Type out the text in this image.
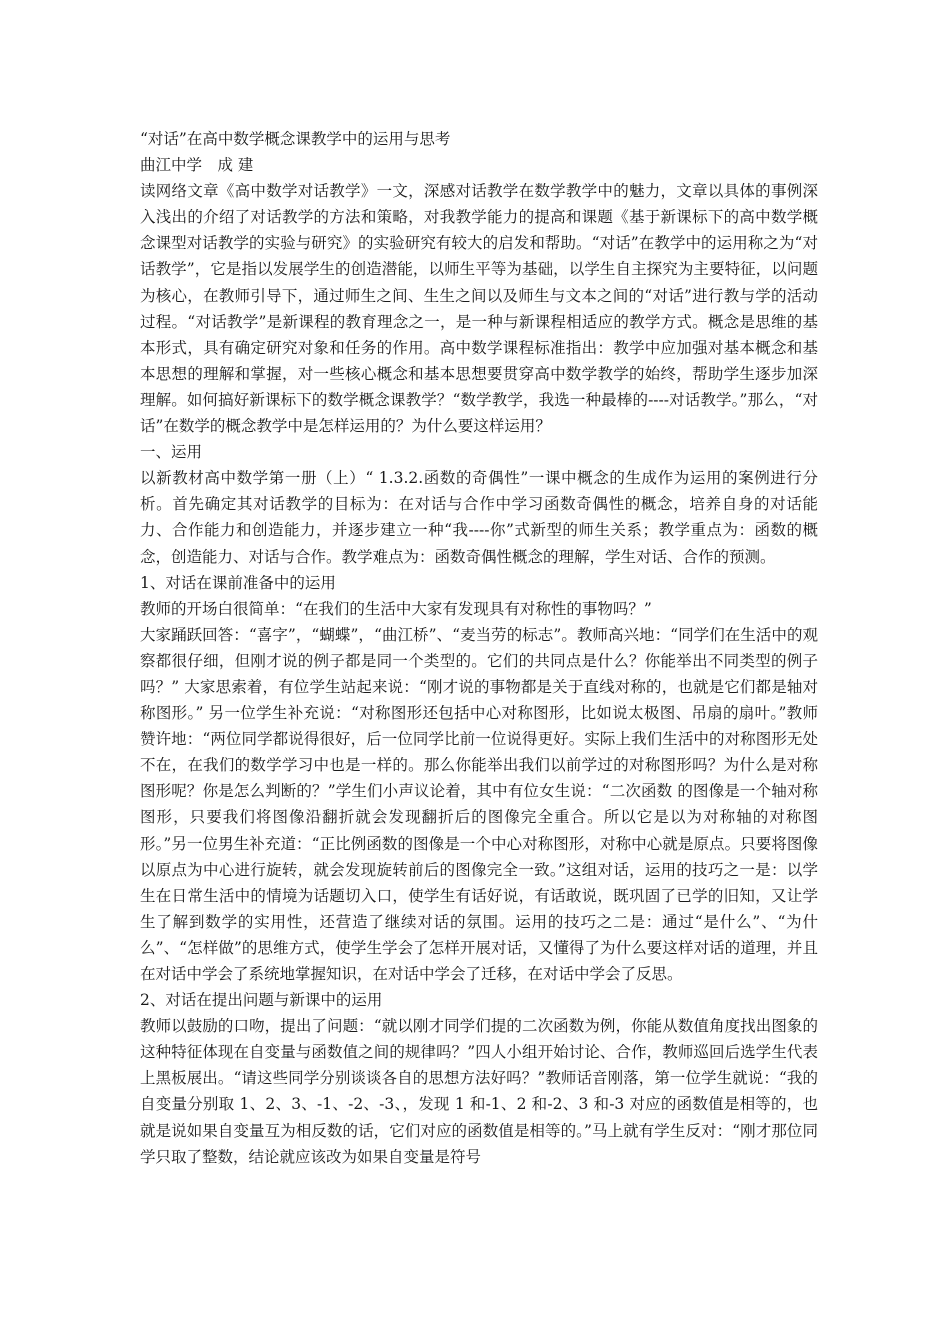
“对话”在高中数学概念课教学中的运用与思考

曲江中学　成 建

读网络文章《高中数学对话教学》一文，深感对话教学在数学教学中的魅力，文章以具体的事例深入浅出的介绍了对话教学的方法和策略，对我教学能力的提高和课题《基于新课标下的高中数学概念课型对话教学的实验与研究》的实验研究有较大的启发和帮助。“对话”在教学中的运用称之为“对话教学”，它是指以发展学生的创造潜能，以师生平等为基础，以学生自主探究为主要特征，以问题为核心，在教师引导下，通过师生之间、生生之间以及师生与文本之间的“对话”进行教与学的活动过程。“对话教学”是新课程的教育理念之一，是一种与新课程相适应的教学方式。概念是思维的基本形式，具有确定研究对象和任务的作用。高中数学课程标准指出：教学中应加强对基本概念和基本思想的理解和掌握，对一些核心概念和基本思想要贯穿高中数学教学的始终，帮助学生逐步加深理解。如何搞好新课标下的数学概念课教学？“数学教学，我选一种最棒的----对话教学。”那么，“对话”在数学的概念教学中是怎样运用的？为什么要这样运用？

一、运用

以新教材高中数学第一册（上）“ 1.3.2.函数的奇偶性”一课中概念的生成作为运用的案例进行分析。首先确定其对话教学的目标为：在对话与合作中学习函数奇偶性的概念，培养自身的对话能力、合作能力和创造能力，并逐步建立一种“我----你”式新型的师生关系；教学重点为：函数的概念，创造能力、对话与合作。教学难点为：函数奇偶性概念的理解，学生对话、合作的预测。

1、对话在课前准备中的运用

教师的开场白很简单：“在我们的生活中大家有发现具有对称性的事物吗？”

大家踊跃回答：“喜字”，“蝴蝶”，“曲江桥”、“麦当劳的标志”。教师高兴地：“同学们在生活中的观察都很仔细，但刚才说的例子都是同一个类型的。它们的共同点是什么？你能举出不同类型的例子吗？” 大家思索着，有位学生站起来说：“刚才说的事物都是关于直线对称的，也就是它们都是轴对称图形。” 另一位学生补充说：“对称图形还包括中心对称图形，比如说太极图、吊扇的扇叶。”教师赞许地：“两位同学都说得很好，后一位同学比前一位说得更好。实际上我们生活中的对称图形无处不在，在我们的数学学习中也是一样的。那么你能举出我们以前学过的对称图形吗？为什么是对称图形呢？你是怎么判断的？”学生们小声议论着，其中有位女生说：“二次函数 的图像是一个轴对称图形，只要我们将图像沿翻折就会发现翻折后的图像完全重合。所以它是以为对称轴的对称图形。”另一位男生补充道：“正比例函数的图像是一个中心对称图形，对称中心就是原点。只要将图像以原点为中心进行旋转，就会发现旋转前后的图像完全一致。”这组对话，运用的技巧之一是：以学生在日常生活中的情境为话题切入口，使学生有话好说，有话敢说，既巩固了已学的旧知，又让学生了解到数学的实用性，还营造了继续对话的氛围。运用的技巧之二是：通过“是什么”、“为什么”、“怎样做”的思维方式，使学生学会了怎样开展对话，又懂得了为什么要这样对话的道理，并且在对话中学会了系统地掌握知识，在对话中学会了迁移，在对话中学会了反思。

2、对话在提出问题与新课中的运用

教师以鼓励的口吻，提出了问题：“就以刚才同学们提的二次函数为例，你能从数值角度找出图象的这种特征体现在自变量与函数值之间的规律吗？”四人小组开始讨论、合作，教师巡回后选学生代表上黑板展出。“请这些同学分别谈谈各自的思想方法好吗？”教师话音刚落，第一位学生就说：“我的自变量分别取 1、2、3、-1、-2、-3、，发现 1 和-1、2 和-2、3 和-3 对应的函数值是相等的，也就是说如果自变量互为相反数的话，它们对应的函数值是相等的。”马上就有学生反对：“刚才那位同学只取了整数，结论就应该改为如果自变量是符号
